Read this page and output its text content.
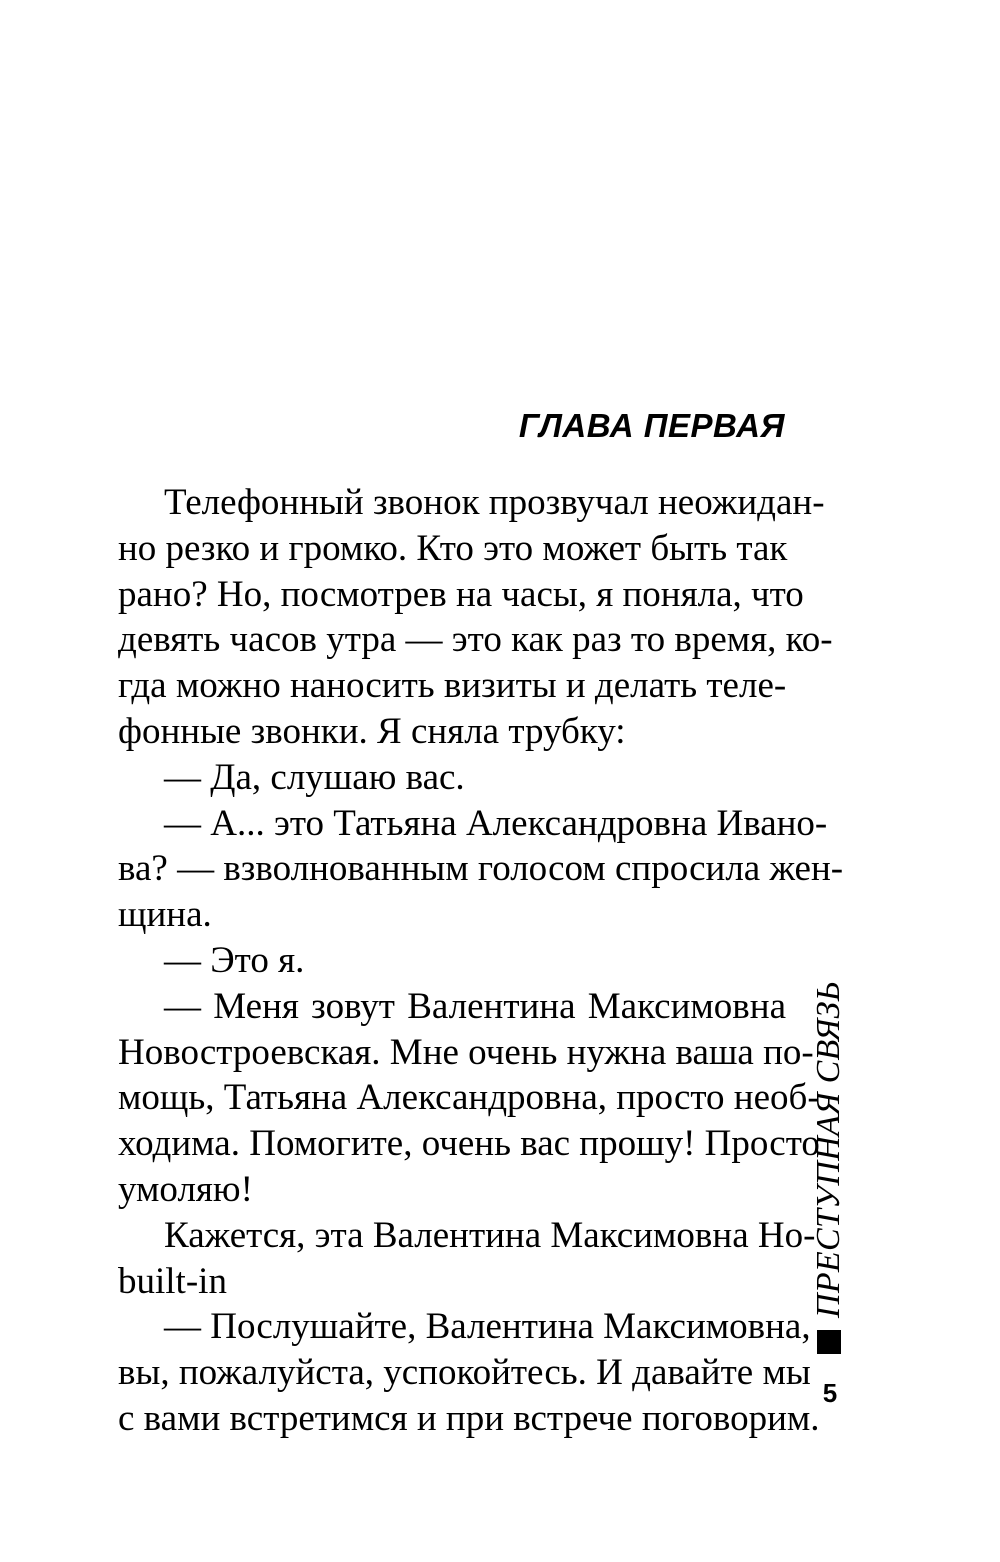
ГЛАВА ПЕРВАЯ
Телефонный звонок прозвучал неожидан-
но резко и громко. Кто это может быть так
рано? Но, посмотрев на часы, я поняла, что
девять часов утра — это как раз то время, ко-
гда можно наносить визиты и делать теле-
фонные звонки. Я сняла трубку:
— Да, слушаю вас.
— А... это Татьяна Александровна Ивано-
ва? — взволнованным голосом спросила жен-
щина.
— Это я.
— Меня зовут Валентина Максимовна
Новостроевская. Мне очень нужна ваша по-
мощь, Татьяна Александровна, просто необ-
ходима. Помогите, очень вас прошу! Просто
умоляю!
Кажется, эта Валентина Максимовна Но-
built-in
— Послушайте, Валентина Максимовна,
вы, пожалуйста, успокойтесь. И давайте мы
с вами встретимся и при встрече поговорим.
ПРЕСТУПНАЯ СВЯЗЬ
5
